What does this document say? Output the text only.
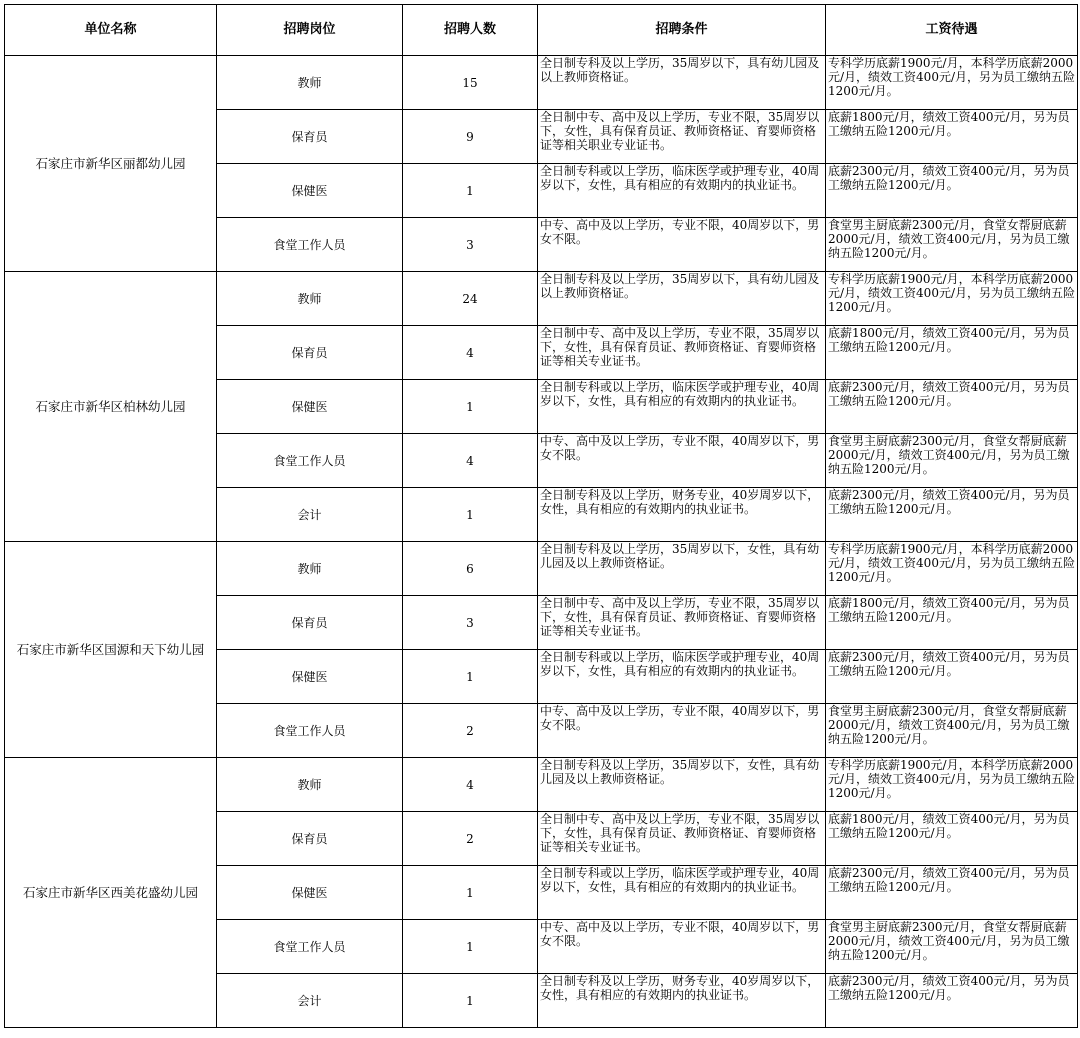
单位名称	招聘岗位	招聘人数	招聘条件	工资待遇
石家庄市新华区丽都幼儿园	教师	15	全日制专科及以上学历，35周岁以下，具有幼儿园及以上教师资格证。	专科学历底薪1900元/月，本科学历底薪2000元/月，绩效工资400元/月，另为员工缴纳五险1200元/月。
	保育员	9	全日制中专、高中及以上学历，专业不限，35周岁以下，女性，具有保育员证、教师资格证、育婴师资格证等相关职业专业证书。	底薪1800元/月，绩效工资400元/月，另为员工缴纳五险1200元/月。
	保健医	1	全日制专科或以上学历，临床医学或护理专业，40周岁以下，女性，具有相应的有效期内的执业证书。	底薪2300元/月，绩效工资400元/月，另为员工缴纳五险1200元/月。
	食堂工作人员	3	中专、高中及以上学历，专业不限，40周岁以下，男女不限。	食堂男主厨底薪2300元/月，食堂女帮厨底薪2000元/月，绩效工资400元/月，另为员工缴纳五险1200元/月。
石家庄市新华区柏林幼儿园	教师	24	全日制专科及以上学历，35周岁以下，具有幼儿园及以上教师资格证。	专科学历底薪1900元/月，本科学历底薪2000元/月，绩效工资400元/月，另为员工缴纳五险1200元/月。
	保育员	4	全日制中专、高中及以上学历，专业不限，35周岁以下，女性，具有保育员证、教师资格证、育婴师资格证等相关专业证书。	底薪1800元/月，绩效工资400元/月，另为员工缴纳五险1200元/月。
	保健医	1	全日制专科或以上学历，临床医学或护理专业，40周岁以下，女性，具有相应的有效期内的执业证书。	底薪2300元/月，绩效工资400元/月，另为员工缴纳五险1200元/月。
	食堂工作人员	4	中专、高中及以上学历，专业不限，40周岁以下，男女不限。	食堂男主厨底薪2300元/月，食堂女帮厨底薪2000元/月，绩效工资400元/月，另为员工缴纳五险1200元/月。
	会计	1	全日制专科及以上学历，财务专业，40岁周岁以下，女性，具有相应的有效期内的执业证书。	底薪2300元/月，绩效工资400元/月，另为员工缴纳五险1200元/月。
石家庄市新华区国源和天下幼儿园	教师	6	全日制专科及以上学历，35周岁以下，女性，具有幼儿园及以上教师资格证。	专科学历底薪1900元/月，本科学历底薪2000元/月，绩效工资400元/月，另为员工缴纳五险1200元/月。
	保育员	3	全日制中专、高中及以上学历，专业不限，35周岁以下，女性，具有保育员证、教师资格证、育婴师资格证等相关专业证书。	底薪1800元/月，绩效工资400元/月，另为员工缴纳五险1200元/月。
	保健医	1	全日制专科或以上学历，临床医学或护理专业，40周岁以下，女性，具有相应的有效期内的执业证书。	底薪2300元/月，绩效工资400元/月，另为员工缴纳五险1200元/月。
	食堂工作人员	2	中专、高中及以上学历，专业不限，40周岁以下，男女不限。	食堂男主厨底薪2300元/月，食堂女帮厨底薪2000元/月，绩效工资400元/月，另为员工缴纳五险1200元/月。
石家庄市新华区西美花盛幼儿园	教师	4	全日制专科及以上学历，35周岁以下，女性，具有幼儿园及以上教师资格证。	专科学历底薪1900元/月，本科学历底薪2000元/月，绩效工资400元/月，另为员工缴纳五险1200元/月。
	保育员	2	全日制中专、高中及以上学历，专业不限，35周岁以下，女性，具有保育员证、教师资格证、育婴师资格证等相关专业证书。	底薪1800元/月，绩效工资400元/月，另为员工缴纳五险1200元/月。
	保健医	1	全日制专科或以上学历，临床医学或护理专业，40周岁以下，女性，具有相应的有效期内的执业证书。	底薪2300元/月，绩效工资400元/月，另为员工缴纳五险1200元/月。
	食堂工作人员	1	中专、高中及以上学历，专业不限，40周岁以下，男女不限。	食堂男主厨底薪2300元/月，食堂女帮厨底薪2000元/月，绩效工资400元/月，另为员工缴纳五险1200元/月。
	会计	1	全日制专科及以上学历，财务专业，40岁周岁以下，女性，具有相应的有效期内的执业证书。	底薪2300元/月，绩效工资400元/月，另为员工缴纳五险1200元/月。
